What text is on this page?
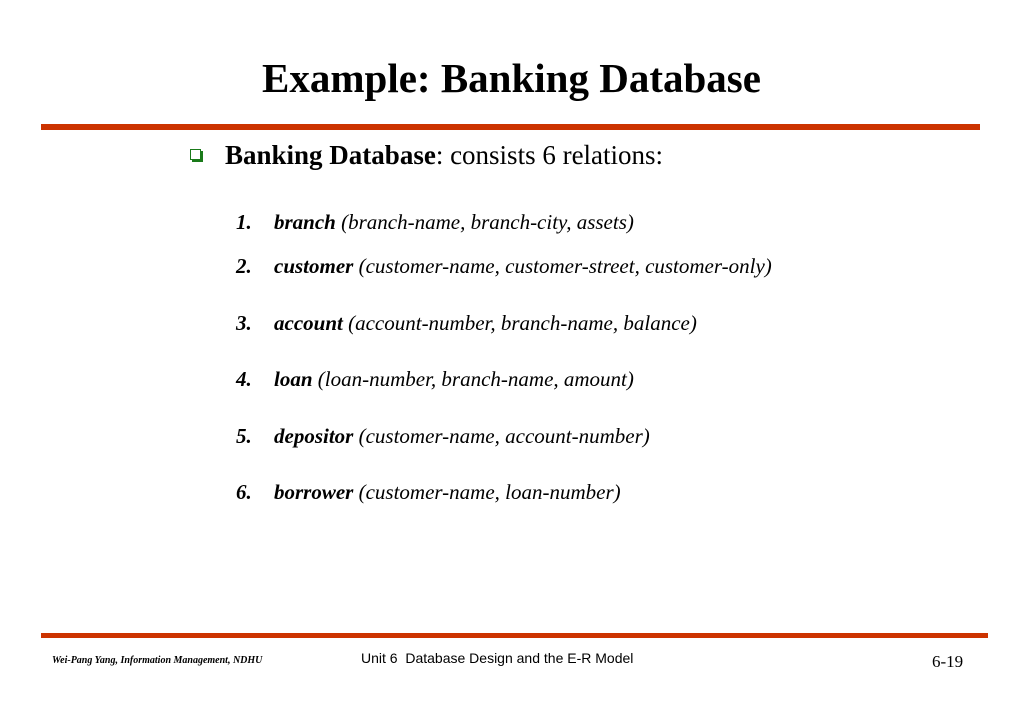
Example: Banking Database
Banking Database: consists 6 relations:
1. branch (branch-name, branch-city, assets)
2. customer (customer-name, customer-street, customer-only)
3. account (account-number, branch-name, balance)
4. loan (loan-number, branch-name, amount)
5. depositor (customer-name, account-number)
6. borrower (customer-name, loan-number)
Wei-Pang Yang, Information Management, NDHU	Unit 6  Database Design and the E-R Model	6-19
